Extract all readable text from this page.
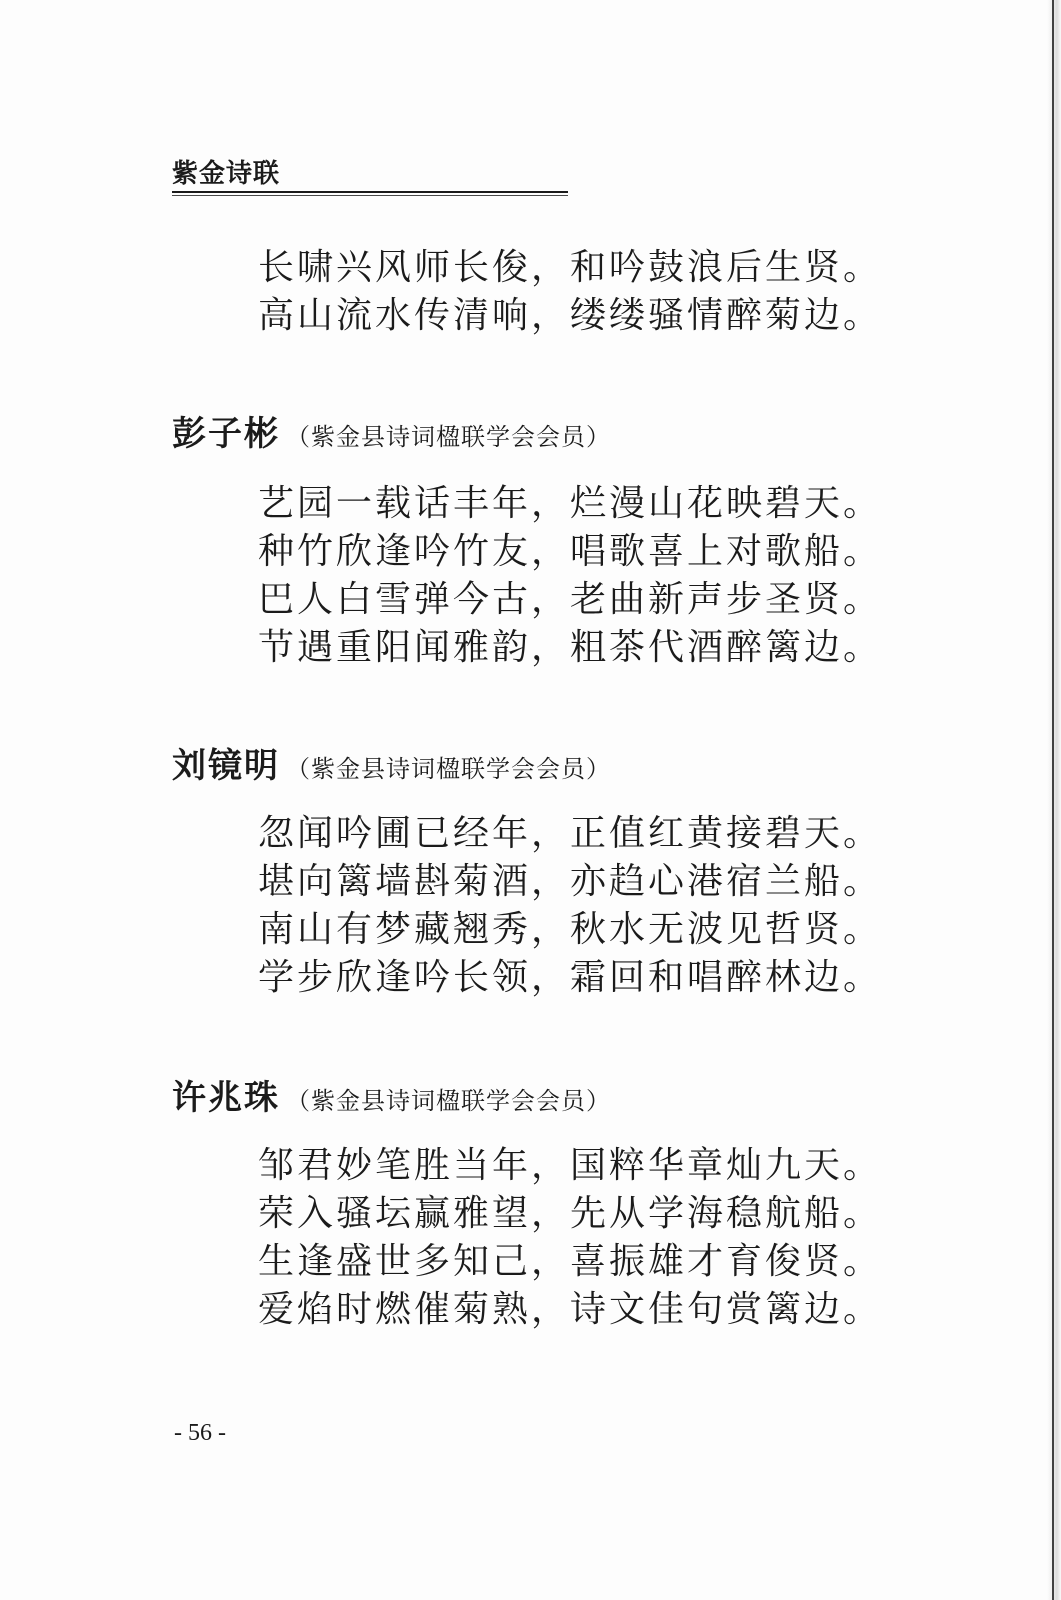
紫金诗联
长啸兴风师长俊，和吟鼓浪后生贤。
高山流水传清响，缕缕骚情醉菊边。
彭子彬 （紫金县诗词楹联学会会员）
艺园一载话丰年，烂漫山花映碧天。
种竹欣逢吟竹友，唱歌喜上对歌船。
巴人白雪弹今古，老曲新声步圣贤。
节遇重阳闻雅韵，粗茶代酒醉篱边。
刘镜明 （紫金县诗词楹联学会会员）
忽闻吟圃已经年，正值红黄接碧天。
堪向篱墙斟菊酒，亦趋心港宿兰船。
南山有梦藏翘秀，秋水无波见哲贤。
学步欣逢吟长领，霜回和唱醉林边。
许兆珠 （紫金县诗词楹联学会会员）
邹君妙笔胜当年，国粹华章灿九天。
荣入骚坛赢雅望，先从学海稳航船。
生逢盛世多知己，喜振雄才育俊贤。
爱焰时燃催菊熟，诗文佳句赏篱边。
- 56 -
